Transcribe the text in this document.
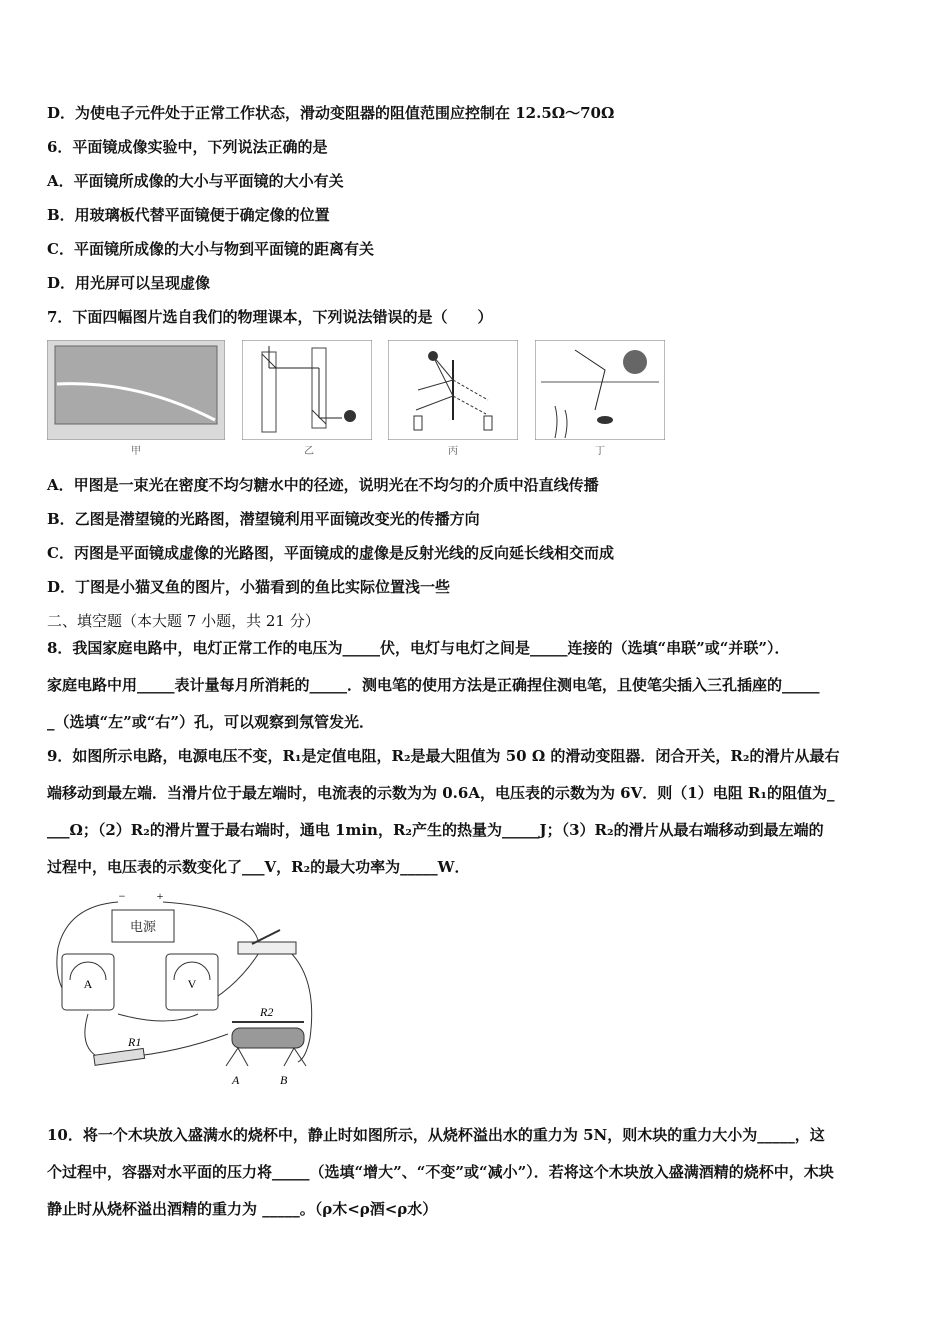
D．为使电子元件处于正常工作状态，滑动变阻器的阻值范围应控制在 12.5Ω～70Ω
6．平面镜成像实验中，下列说法正确的是
A．平面镜所成像的大小与平面镜的大小有关
B．用玻璃板代替平面镜便于确定像的位置
C．平面镜所成像的大小与物到平面镜的距离有关
D．用光屏可以呈现虚像
7．下面四幅图片选自我们的物理课本，下列说法错误的是（　　）
甲	乙	丙	丁
A．甲图是一束光在密度不均匀糖水中的径迹，说明光在不均匀的介质中沿直线传播
B．乙图是潜望镜的光路图，潜望镜利用平面镜改变光的传播方向
C．丙图是平面镜成虚像的光路图，平面镜成的虚像是反射光线的反向延长线相交而成
D．丁图是小猫叉鱼的图片，小猫看到的鱼比实际位置浅一些
二、填空题（本大题 7 小题，共 21 分）
8．我国家庭电路中，电灯正常工作的电压为_____伏，电灯与电灯之间是_____连接的（选填“串联”或“并联”）．
家庭电路中用_____表计量每月所消耗的_____．测电笔的使用方法是正确捏住测电笔，且使笔尖插入三孔插座的_____
_（选填“左”或“右”）孔，可以观察到氖管发光．
9．如图所示电路，电源电压不变，R₁是定值电阻，R₂是最大阻值为 50 Ω 的滑动变阻器．闭合开关，R₂的滑片从最右
端移动到最左端．当滑片位于最左端时，电流表的示数为为 0.6A，电压表的示数为为 6V．则（1）电阻 R₁的阻值为_
___Ω；（2）R₂的滑片置于最右端时，通电 1min，R₂产生的热量为_____J；（3）R₂的滑片从最右端移动到最左端的
过程中，电压表的示数变化了___V，R₂的最大功率为_____W．
电源
−	+
A	V
R1
R2
A	B
10．将一个木块放入盛满水的烧杯中，静止时如图所示，从烧杯溢出水的重力为 5N，则木块的重力大小为_____，这
个过程中，容器对水平面的压力将_____（选填“增大”、“不变”或“减小”）．若将这个木块放入盛满酒精的烧杯中，木块
静止时从烧杯溢出酒精的重力为 _____。（ρ木<ρ酒<ρ水）
